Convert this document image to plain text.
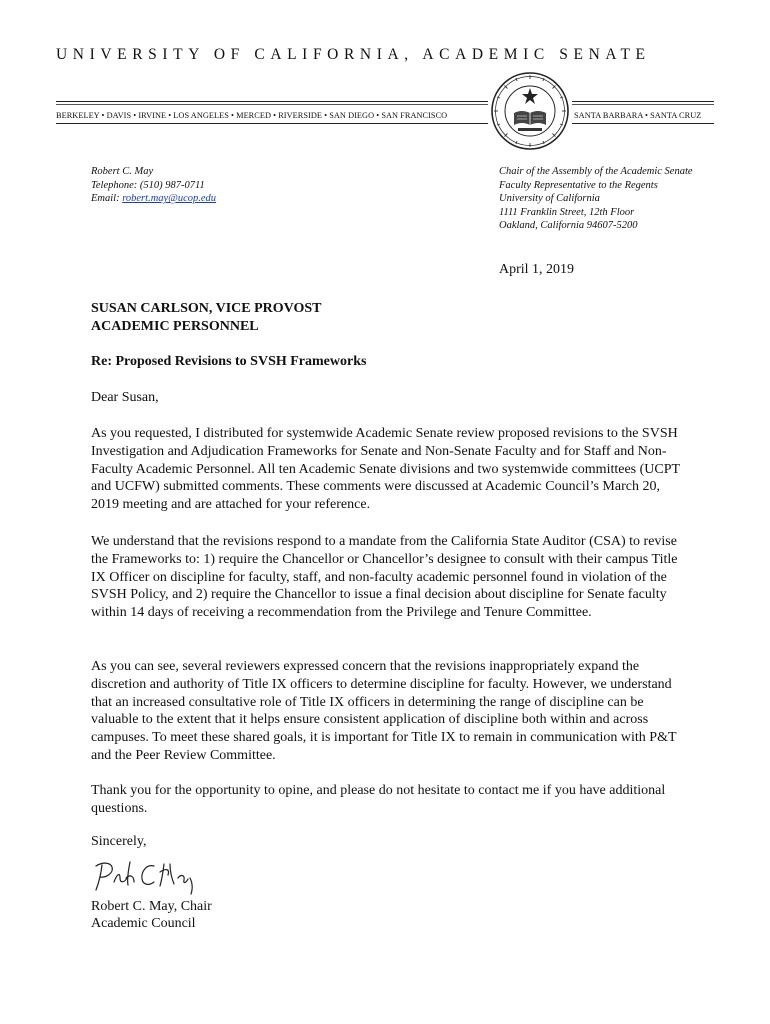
UNIVERSITY OF CALIFORNIA, ACADEMIC SENATE
BERKELEY • DAVIS • IRVINE • LOS ANGELES • MERCED • RIVERSIDE • SAN DIEGO • SAN FRANCISCO	SANTA BARBARA • SANTA CRUZ
Robert C. May
Telephone: (510) 987-0711
Email: robert.may@ucop.edu
Chair of the Assembly of the Academic Senate
Faculty Representative to the Regents
University of California
1111 Franklin Street, 12th Floor
Oakland, California 94607-5200
April 1, 2019
SUSAN CARLSON, VICE PROVOST
ACADEMIC PERSONNEL
Re: Proposed Revisions to SVSH Frameworks
Dear Susan,

As you requested, I distributed for systemwide Academic Senate review proposed revisions to the SVSH Investigation and Adjudication Frameworks for Senate and Non-Senate Faculty and for Staff and Non-Faculty Academic Personnel. All ten Academic Senate divisions and two systemwide committees (UCPT and UCFW) submitted comments. These comments were discussed at Academic Council’s March 20, 2019 meeting and are attached for your reference.

We understand that the revisions respond to a mandate from the California State Auditor (CSA) to revise the Frameworks to: 1) require the Chancellor or Chancellor’s designee to consult with their campus Title IX Officer on discipline for faculty, staff, and non-faculty academic personnel found in violation of the SVSH Policy, and 2) require the Chancellor to issue a final decision about discipline for Senate faculty within 14 days of receiving a recommendation from the Privilege and Tenure Committee.

As you can see, several reviewers expressed concern that the revisions inappropriately expand the discretion and authority of Title IX officers to determine discipline for faculty. However, we understand that an increased consultative role of Title IX officers in determining the range of discipline can be valuable to the extent that it helps ensure consistent application of discipline both within and across campuses. To meet these shared goals, it is important for Title IX to remain in communication with P&T and the Peer Review Committee.

Thank you for the opportunity to opine, and please do not hesitate to contact me if you have additional questions.

Sincerely,
Robert C. May, Chair
Academic Council
